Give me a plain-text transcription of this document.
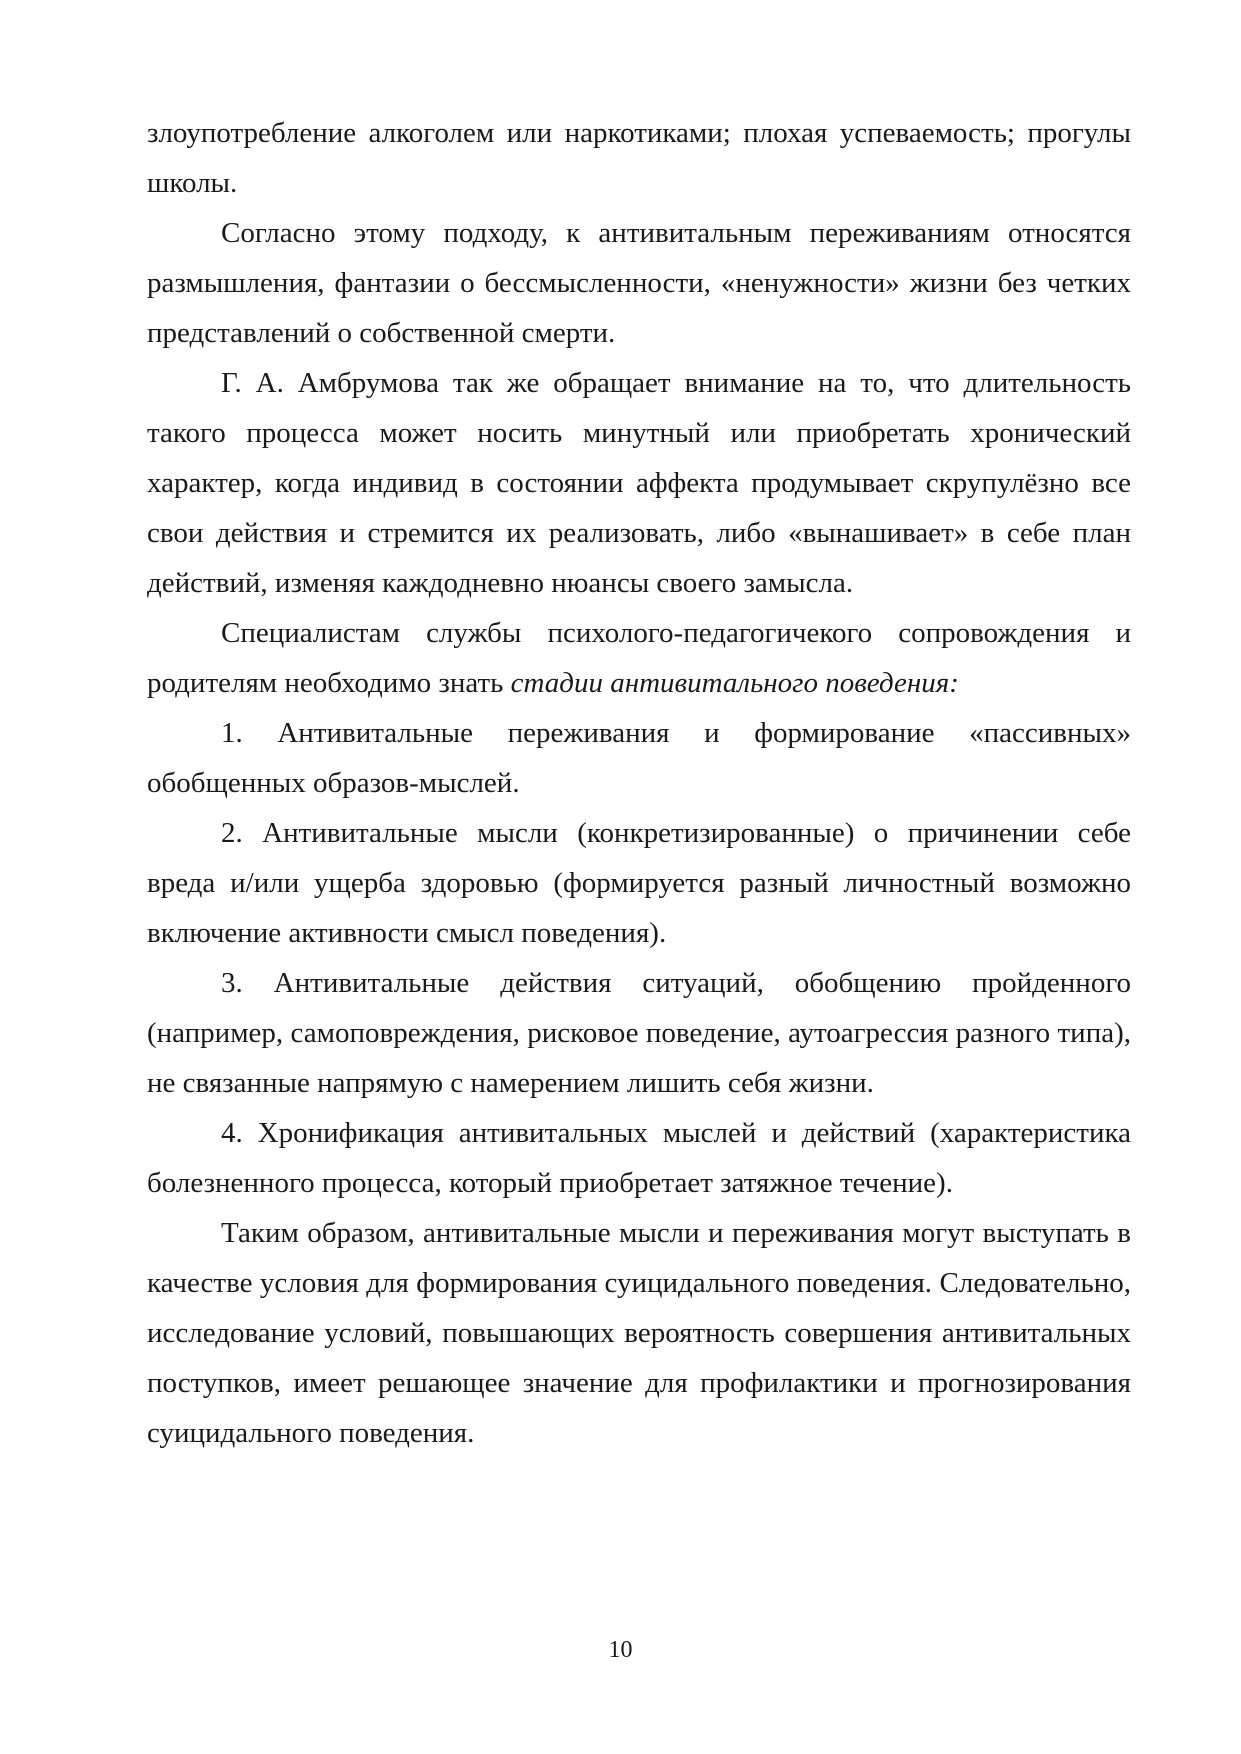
злоупотребление алкоголем или наркотиками; плохая успеваемость; прогулы школы.

Согласно этому подходу, к антивитальным переживаниям относятся размышления, фантазии о бессмысленности, «ненужности» жизни без четких представлений о собственной смерти.

Г. А. Амбрумова так же обращает внимание на то, что длительность такого процесса может носить минутный или приобретать хронический характер, когда индивид в состоянии аффекта продумывает скрупулёзно все свои действия и стремится их реализовать, либо «вынашивает» в себе план действий, изменяя каждодневно нюансы своего замысла.

Специалистам службы психолого-педагогичекого сопровождения и родителям необходимо знать стадии антивитального поведения:

1. Антивитальные переживания и формирование «пассивных» обобщенных образов-мыслей.

2. Антивитальные мысли (конкретизированные) о причинении себе вреда и/или ущерба здоровью (формируется разный личностный возможно включение активности смысл поведения).

3. Антивитальные действия ситуаций, обобщению пройденного (например, самоповреждения, рисковое поведение, аутоагрессия разного типа), не связанные напрямую с намерением лишить себя жизни.

4. Хронификация антивитальных мыслей и действий (характеристика болезненного процесса, который приобретает затяжное течение).

Таким образом, антивитальные мысли и переживания могут выступать в качестве условия для формирования суицидального поведения. Следовательно, исследование условий, повышающих вероятность совершения антивитальных поступков, имеет решающее значение для профилактики и прогнозирования суицидального поведения.

10
